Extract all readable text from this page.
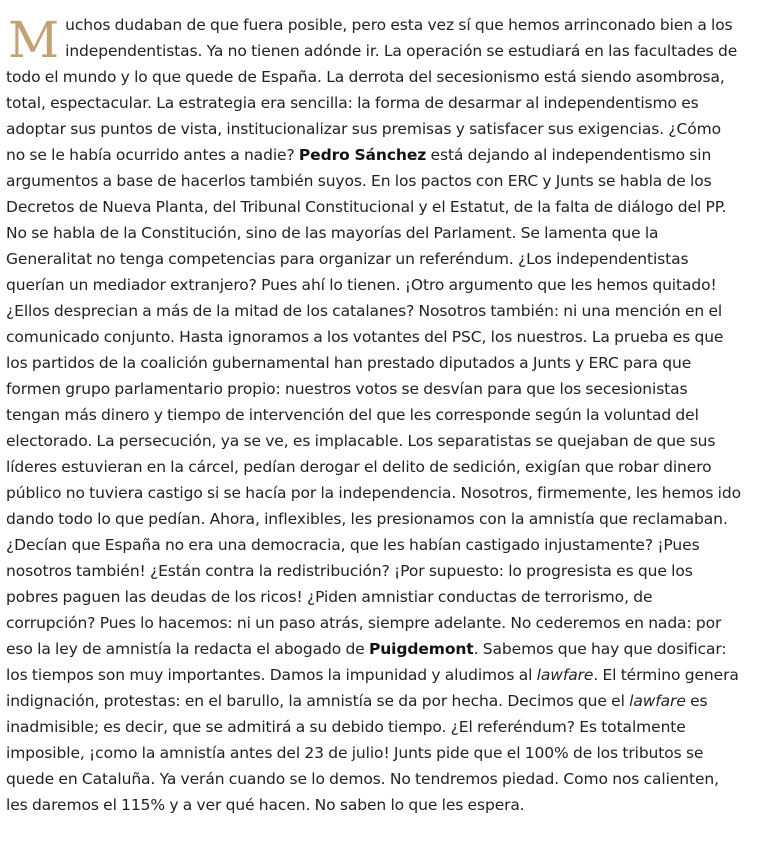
Muchos dudaban de que fuera posible, pero esta vez sí que hemos arrinconado bien a los independentistas. Ya no tienen adónde ir. La operación se estudiará en las facultades de todo el mundo y lo que quede de España. La derrota del secesionismo está siendo asombrosa, total, espectacular. La estrategia era sencilla: la forma de desarmar al independentismo es adoptar sus puntos de vista, institucionalizar sus premisas y satisfacer sus exigencias. ¿Cómo no se le había ocurrido antes a nadie? Pedro Sánchez está dejando al independentismo sin argumentos a base de hacerlos también suyos. En los pactos con ERC y Junts se habla de los Decretos de Nueva Planta, del Tribunal Constitucional y el Estatut, de la falta de diálogo del PP. No se habla de la Constitución, sino de las mayorías del Parlament. Se lamenta que la Generalitat no tenga competencias para organizar un referéndum. ¿Los independentistas querían un mediador extranjero? Pues ahí lo tienen. ¡Otro argumento que les hemos quitado! ¿Ellos desprecian a más de la mitad de los catalanes? Nosotros también: ni una mención en el comunicado conjunto. Hasta ignoramos a los votantes del PSC, los nuestros. La prueba es que los partidos de la coalición gubernamental han prestado diputados a Junts y ERC para que formen grupo parlamentario propio: nuestros votos se desvían para que los secesionistas tengan más dinero y tiempo de intervención del que les corresponde según la voluntad del electorado. La persecución, ya se ve, es implacable. Los separatistas se quejaban de que sus líderes estuvieran en la cárcel, pedían derogar el delito de sedición, exigían que robar dinero público no tuviera castigo si se hacía por la independencia. Nosotros, firmemente, les hemos ido dando todo lo que pedían. Ahora, inflexibles, les presionamos con la amnistía que reclamaban. ¿Decían que España no era una democracia, que les habían castigado injustamente? ¡Pues nosotros también! ¿Están contra la redistribución? ¡Por supuesto: lo progresista es que los pobres paguen las deudas de los ricos! ¿Piden amnistiar conductas de terrorismo, de corrupción? Pues lo hacemos: ni un paso atrás, siempre adelante. No cederemos en nada: por eso la ley de amnistía la redacta el abogado de Puigdemont. Sabemos que hay que dosificar: los tiempos son muy importantes. Damos la impunidad y aludimos al lawfare. El término genera indignación, protestas: en el barullo, la amnistía se da por hecha. Decimos que el lawfare es inadmisible; es decir, que se admitirá a su debido tiempo. ¿El referéndum? Es totalmente imposible, ¡como la amnistía antes del 23 de julio! Junts pide que el 100% de los tributos se quede en Cataluña. Ya verán cuando se lo demos. No tendremos piedad. Como nos calienten, les daremos el 115% y a ver qué hacen. No saben lo que les espera.
